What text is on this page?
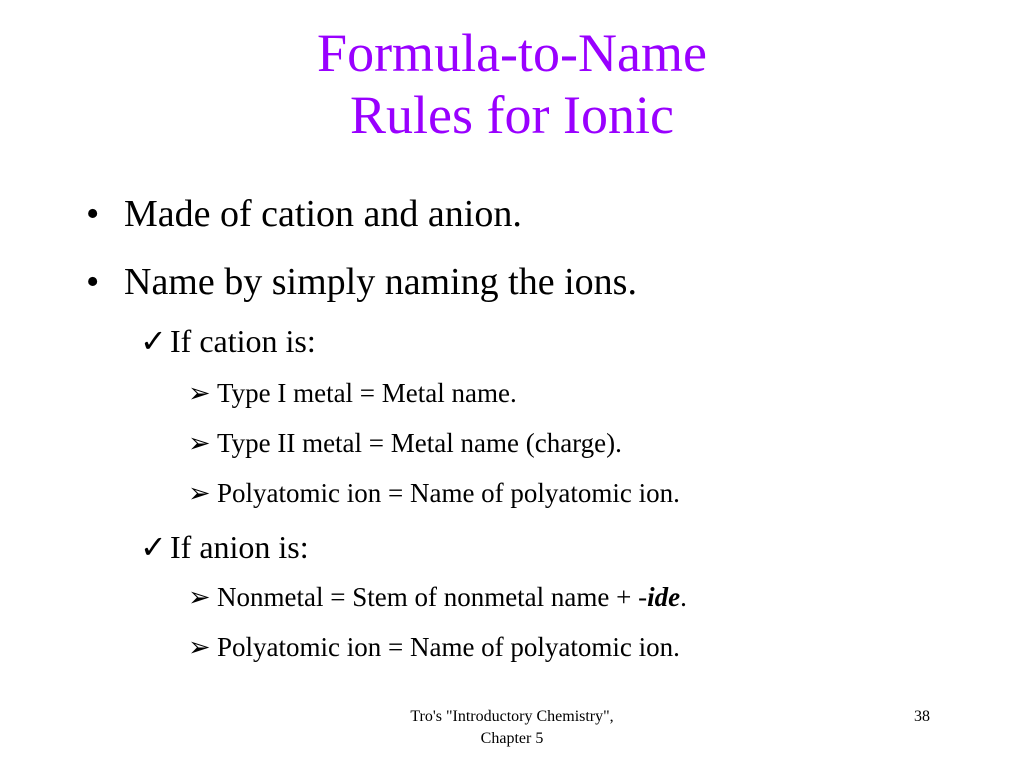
Formula-to-Name
Rules for Ionic
• Made of cation and anion.
• Name by simply naming the ions.
✓If cation is:
➢ Type I metal = Metal name.
➢ Type II metal = Metal name (charge).
➢ Polyatomic ion = Name of polyatomic ion.
✓If anion is:
➢ Nonmetal = Stem of nonmetal name + -ide.
➢ Polyatomic ion = Name of polyatomic ion.
Tro's "Introductory Chemistry",
Chapter 5
38
